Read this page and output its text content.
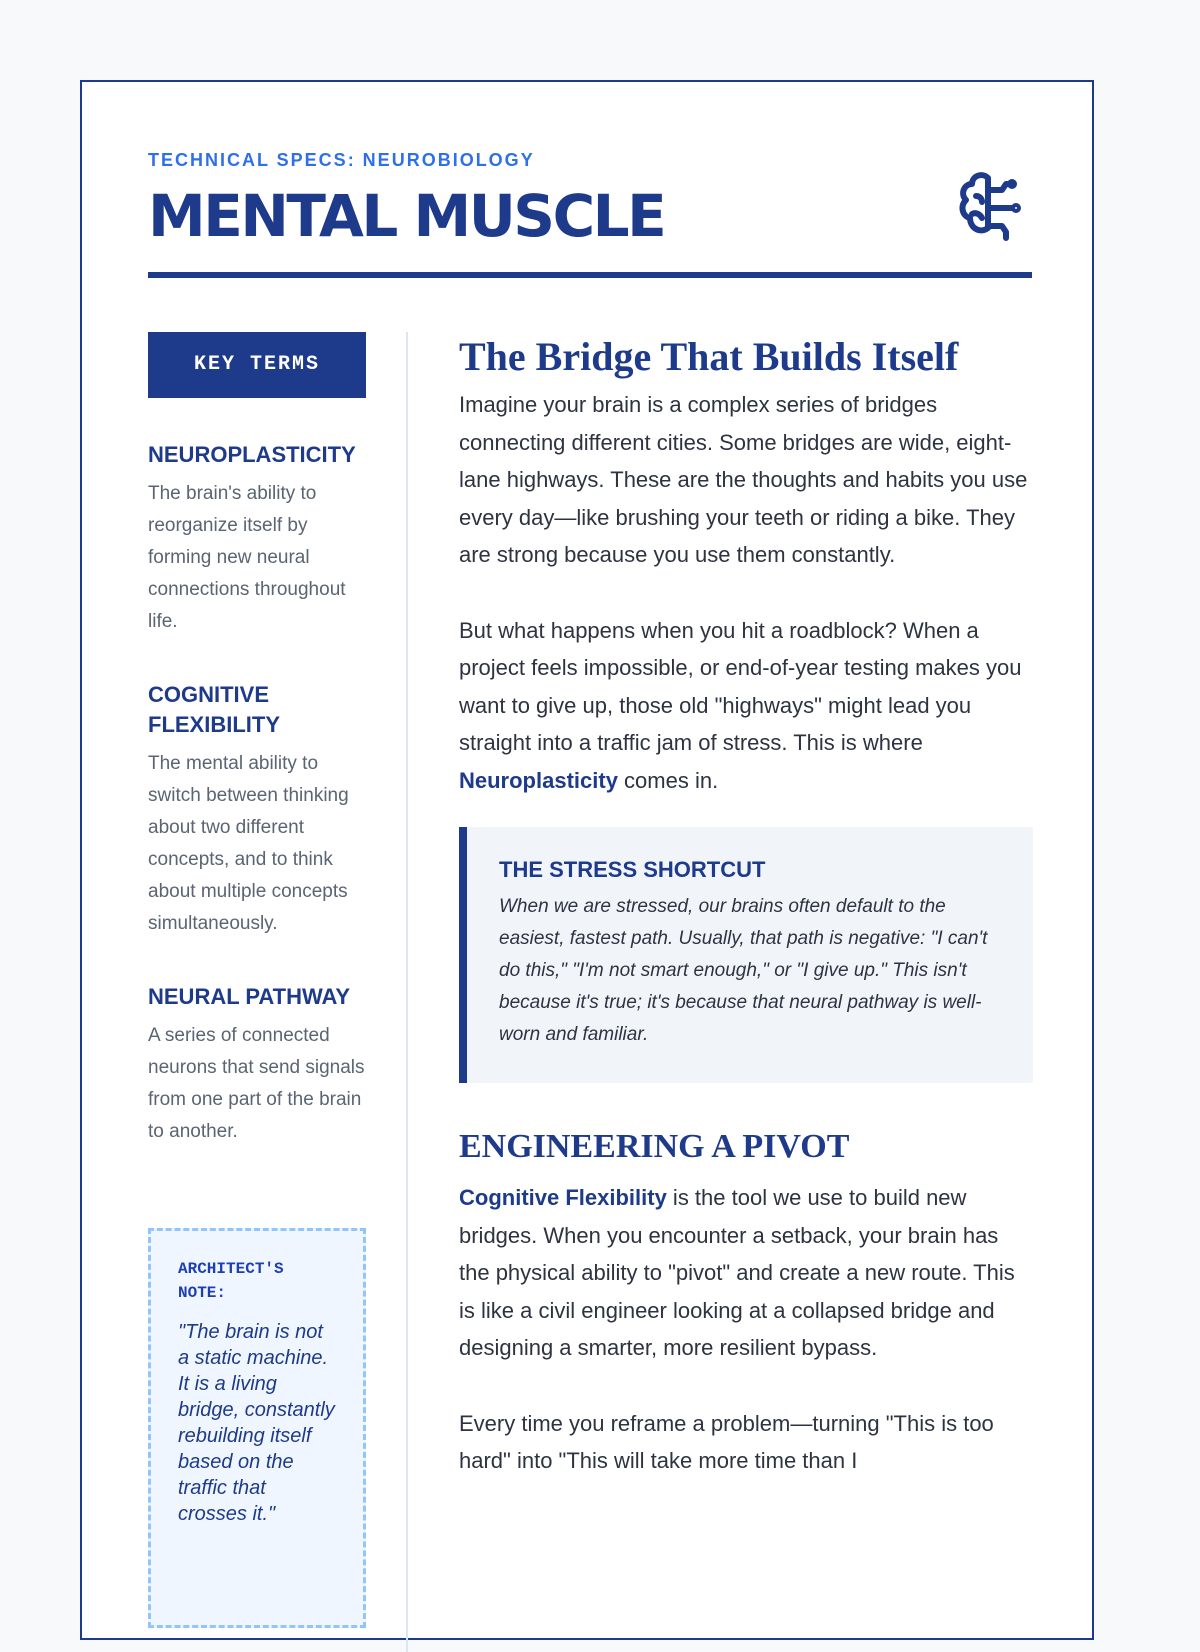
TECHNICAL SPECS: NEUROBIOLOGY
MENTAL MUSCLE
KEY TERMS
NEUROPLASTICITY

The brain's ability to reorganize itself by forming new neural connections throughout life.

COGNITIVE FLEXIBILITY

The mental ability to switch between thinking about two different concepts, and to think about multiple concepts simultaneously.

NEURAL PATHWAY

A series of connected neurons that send signals from one part of the brain to another.

ARCHITECT'S NOTE:
"The brain is not a static machine. It is a living bridge, constantly rebuilding itself based on the traffic that crosses it."
The Bridge That Builds Itself

Imagine your brain is a complex series of bridges connecting different cities. Some bridges are wide, eight-lane highways. These are the thoughts and habits you use every day—like brushing your teeth or riding a bike. They are strong because you use them constantly.

But what happens when you hit a roadblock? When a project feels impossible, or end-of-year testing makes you want to give up, those old "highways" might lead you straight into a traffic jam of stress. This is where Neuroplasticity comes in.

THE STRESS SHORTCUT

When we are stressed, our brains often default to the easiest, fastest path. Usually, that path is negative: "I can't do this," "I'm not smart enough," or "I give up." This isn't because it's true; it's because that neural pathway is well-worn and familiar.

ENGINEERING A PIVOT

Cognitive Flexibility is the tool we use to build new bridges. When you encounter a setback, your brain has the physical ability to "pivot" and create a new route. This is like a civil engineer looking at a collapsed bridge and designing a smarter, more resilient bypass.

Every time you reframe a problem—turning "This is too hard" into "This will take more time than I
